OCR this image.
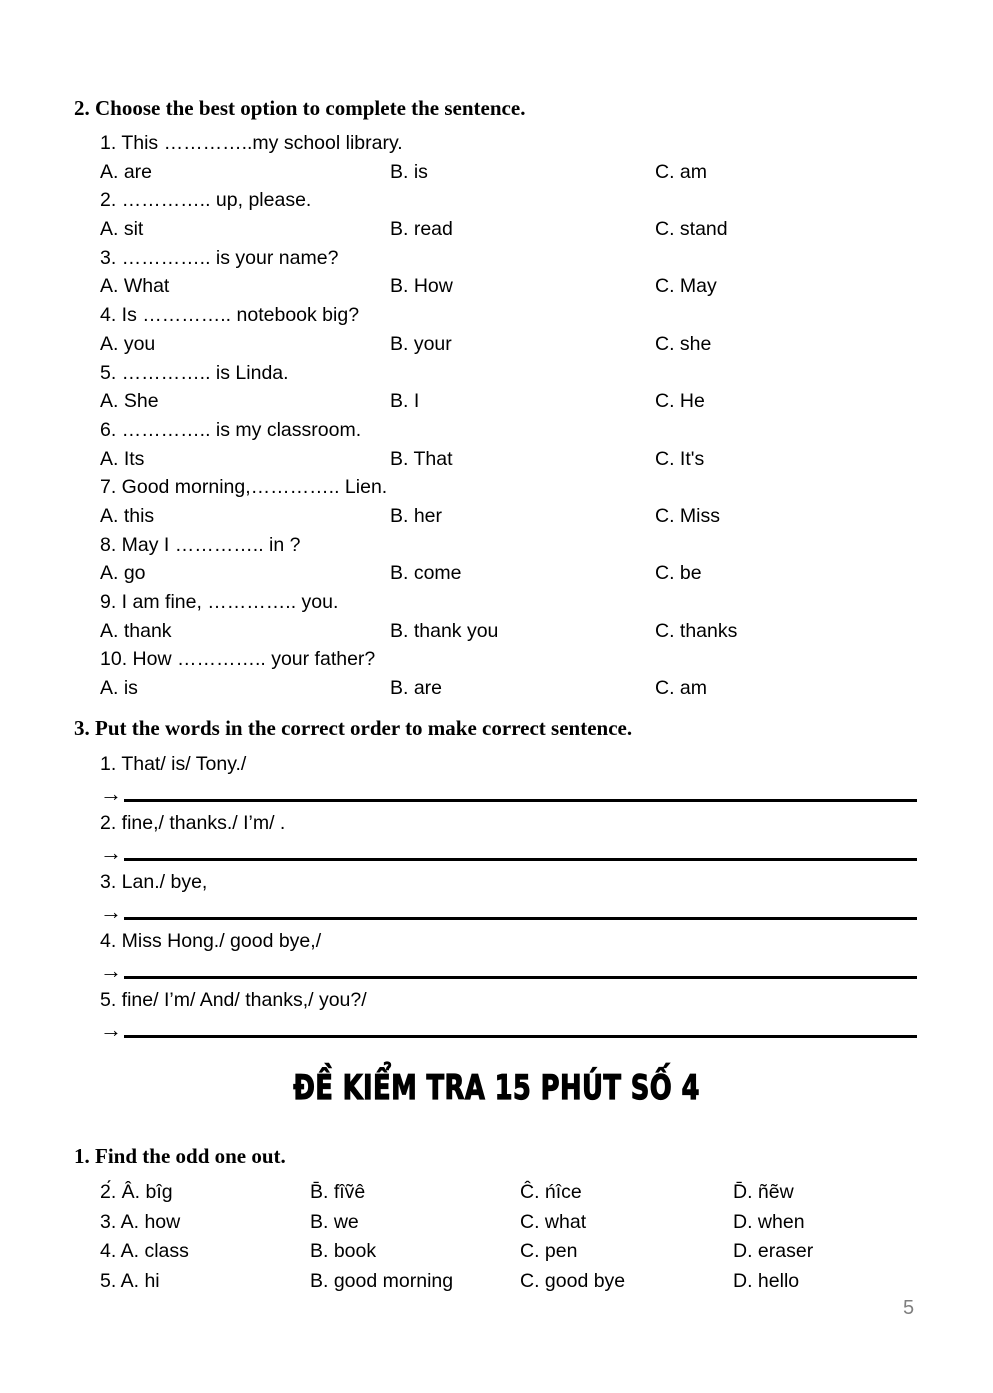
2. Choose the best option to complete the sentence.
1. This …………..my school library.
A. are	B. is	C. am
2. ………….. up, please.
A. sit	B. read	C. stand
3. ………….. is your name?
A. What	B. How	C. May
4. Is ………….. notebook big?
A. you	B. your	C. she
5. ………….. is Linda.
A. She	B. I	C. He
6. ………….. is my classroom.
A. Its	B. That	C. It's
7. Good morning,………….. Lien.
A. this	B. her	C. Miss
8. May I ………….. in ?
A. go	B. come	C. be
9. I am fine, ………….. you.
A. thank	B. thank you	C. thanks
10. How ………….. your father?
A. is	B. are	C. am
3. Put the words in the correct order to make correct sentence.
1. That/ is/ Tony./
→
2. fine,/ thanks./ I’m/ .
→
3. Lan./ bye,
→
4. Miss Hong./ good bye,/
→
5. fine/ I’m/ And/ thanks,/ you?/
→
ĐỀ KIỂM TRA 15 PHÚT SỐ 4
1. Find the odd one out.
2́. Â. bîg	B̄. fîṽê	Ĉ. ńîce	D̄. ñẽw
3. A. how	B. we	C. what	D. when
4. A. class	B. book	C. pen	D. eraser
5. A. hi	B. good morning	C. good bye	D. hello
5
